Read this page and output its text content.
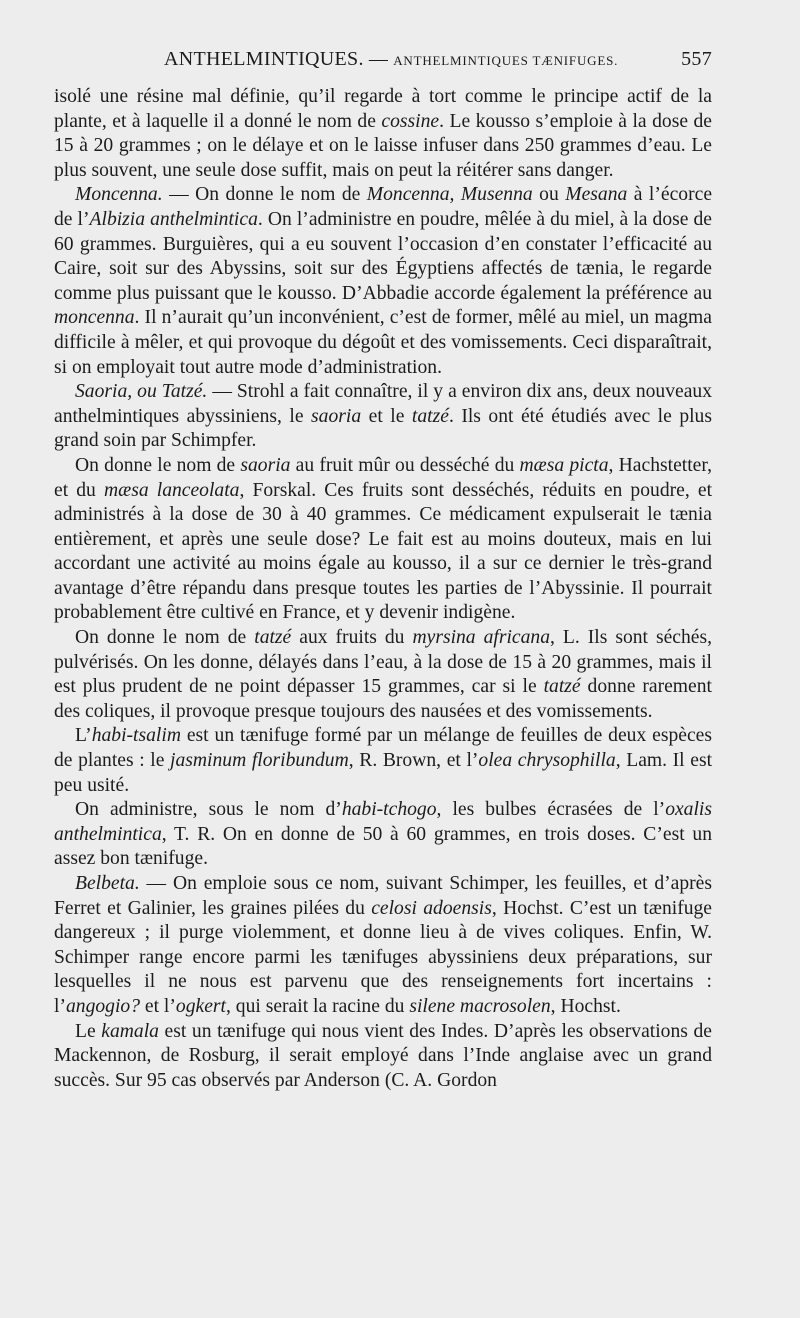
ANTHELMINTIQUES. — ANTHELMINTIQUES TÆNIFUGES.	557

isolé une résine mal définie, qu’il regarde à tort comme le principe actif de la plante, et à laquelle il a donné le nom de cossine. Le kousso s’emploie à la dose de 15 à 20 grammes ; on le délaye et on le laisse infuser dans 250 grammes d’eau. Le plus souvent, une seule dose suffit, mais on peut la réitérer sans danger.

Moncenna. — On donne le nom de Moncenna, Musenna ou Mesana à l’écorce de l’Albizia anthelmintica. On l’administre en poudre, mêlée à du miel, à la dose de 60 grammes. Burguières, qui a eu souvent l’occasion d’en constater l’efficacité au Caire, soit sur des Abyssins, soit sur des Égyptiens affectés de tænia, le regarde comme plus puissant que le kousso. D’Abbadie accorde également la préférence au moncenna. Il n’aurait qu’un inconvénient, c’est de former, mêlé au miel, un magma difficile à mêler, et qui provoque du dégoût et des vomissements. Ceci disparaîtrait, si on employait tout autre mode d’administration.

Saoria, ou Tatzé. — Strohl a fait connaître, il y a environ dix ans, deux nouveaux anthelmintiques abyssiniens, le saoria et le tatzé. Ils ont été étudiés avec le plus grand soin par Schimpfer.

On donne le nom de saoria au fruit mûr ou desséché du mæsa picta, Hachstetter, et du mæsa lanceolata, Forskal. Ces fruits sont desséchés, réduits en poudre, et administrés à la dose de 30 à 40 grammes. Ce médicament expulserait le tænia entièrement, et après une seule dose? Le fait est au moins douteux, mais en lui accordant une activité au moins égale au kousso, il a sur ce dernier le très-grand avantage d’être répandu dans presque toutes les parties de l’Abyssinie. Il pourrait probablement être cultivé en France, et y devenir indigène.

On donne le nom de tatzé aux fruits du myrsina africana, L. Ils sont séchés, pulvérisés. On les donne, délayés dans l’eau, à la dose de 15 à 20 grammes, mais il est plus prudent de ne point dépasser 15 grammes, car si le tatzé donne rarement des coliques, il provoque presque toujours des nausées et des vomissements.

L’habi-tsalim est un tænifuge formé par un mélange de feuilles de deux espèces de plantes : le jasminum floribundum, R. Brown, et l’olea chrysophilla, Lam. Il est peu usité.

On administre, sous le nom d’habi-tchogo, les bulbes écrasées de l’oxalis anthelmintica, T. R. On en donne de 50 à 60 grammes, en trois doses. C’est un assez bon tænifuge.

Belbeta. — On emploie sous ce nom, suivant Schimper, les feuilles, et d’après Ferret et Galinier, les graines pilées du celosi adoensis, Hochst. C’est un tænifuge dangereux ; il purge violemment, et donne lieu à de vives coliques. Enfin, W. Schimper range encore parmi les tænifuges abyssiniens deux préparations, sur lesquelles il ne nous est parvenu que des renseignements fort incertains : l’angogio? et l’ogkert, qui serait la racine du silene macrosolen, Hochst.

Le kamala est un tænifuge qui nous vient des Indes. D’après les observations de Mackennon, de Rosburg, il serait employé dans l’Inde anglaise avec un grand succès. Sur 95 cas observés par Anderson (C. A. Gordon
